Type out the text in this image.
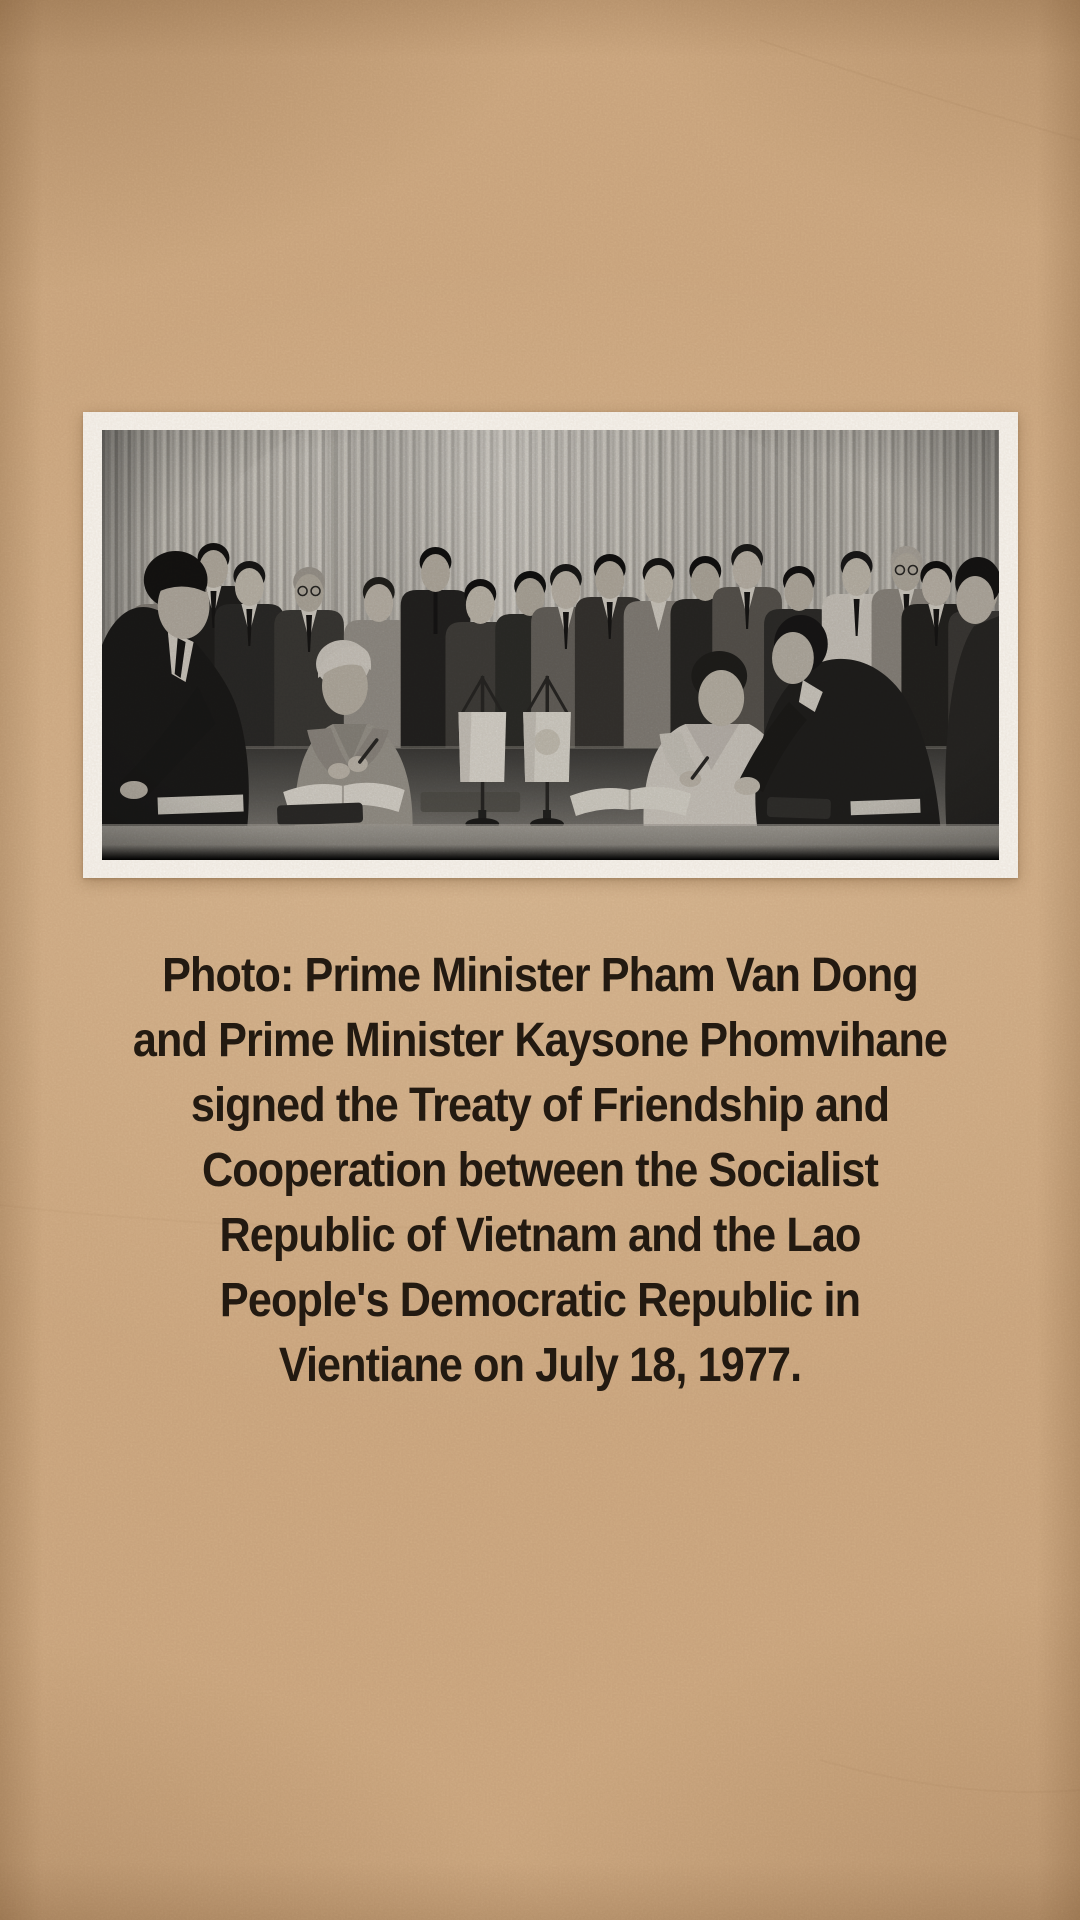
Photo: Prime Minister Pham Van Dong
and Prime Minister Kaysone Phomvihane
signed the Treaty of Friendship and
Cooperation between the Socialist
Republic of Vietnam and the Lao
People's Democratic Republic in
Vientiane on July 18, 1977.
